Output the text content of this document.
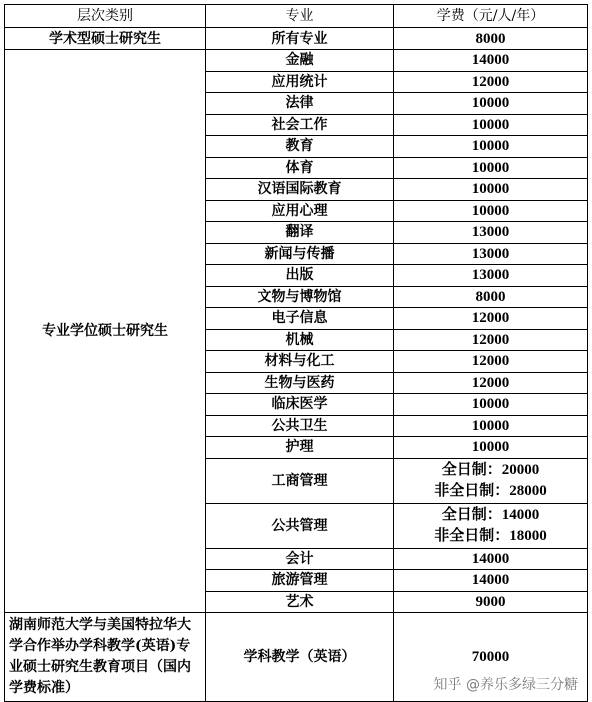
层次类别	专业	学费（元/人/年）
学术型硕士研究生	所有专业	8000
专业学位硕士研究生	金融	14000

	应用统计	12000

	法律	10000

	社会工作	10000

	教育	10000

	体育	10000

	汉语国际教育	10000

	应用心理	10000

	翻译	13000

	新闻与传播	13000

	出版	13000

	文物与博物馆	8000

	电子信息	12000

	机械	12000

	材料与化工	12000

	生物与医药	12000

	临床医学	10000

	公共卫生	10000

	护理	10000

	工商管理	全日制：20000
非全日制：28000

	公共管理	全日制：14000
非全日制：18000

	会计	14000

	旅游管理	14000

	艺术	9000

湖南师范大学与美国特拉华大学合作举办学科教学(英语)专业硕士研究生教育项目（国内学费标准）	学科教学（英语）	70000
知乎 @养乐多绿三分糖
